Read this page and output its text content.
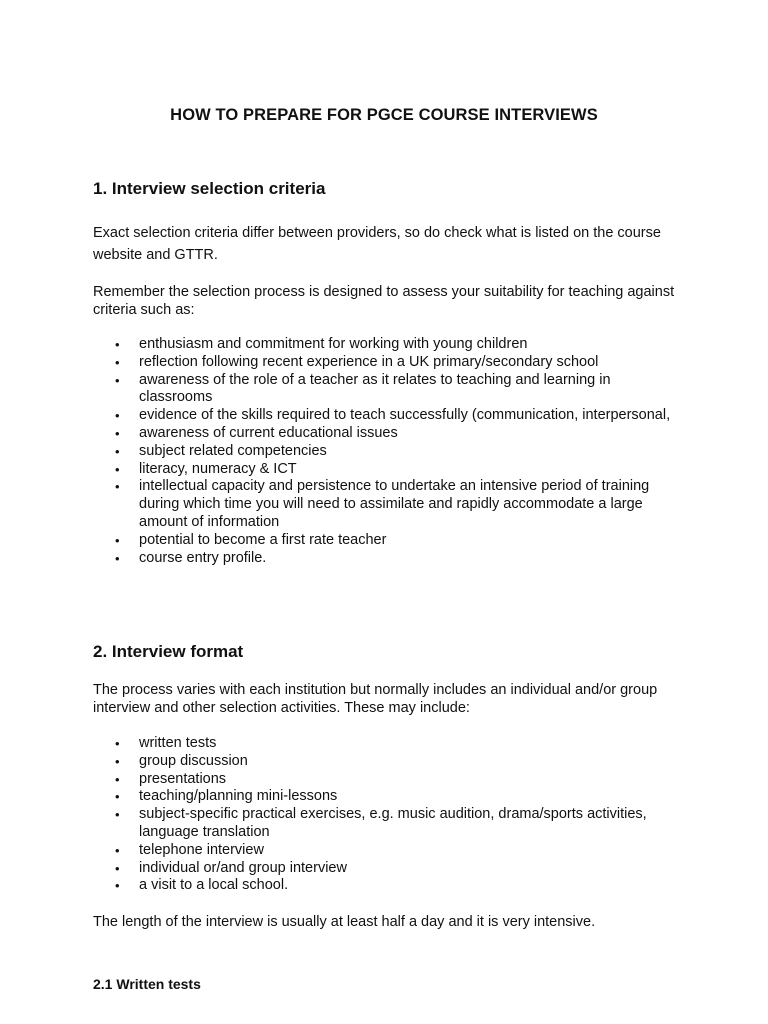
HOW TO PREPARE FOR PGCE COURSE INTERVIEWS
1. Interview selection criteria

Exact selection criteria differ between providers, so do check what is listed on the course website and GTTR.

Remember the selection process is designed to assess your suitability for teaching against criteria such as:

• enthusiasm and commitment for working with young children
• reflection following recent experience in a UK primary/secondary school
• awareness of the role of a teacher as it relates to teaching and learning in classrooms
• evidence of the skills required to teach successfully (communication, interpersonal,
• awareness of current educational issues
• subject related competencies
• literacy, numeracy & ICT
• intellectual capacity and persistence to undertake an intensive period of training during which time you will need to assimilate and rapidly accommodate a large amount of information
• potential to become a first rate teacher
• course entry profile.
2. Interview format

The process varies with each institution but normally includes an individual and/or group interview and other selection activities. These may include:

• written tests
• group discussion
• presentations
• teaching/planning mini-lessons
• subject-specific practical exercises, e.g. music audition, drama/sports activities, language translation
• telephone interview
• individual or/and group interview
• a visit to a local school.

The length of the interview is usually at least half a day and it is very intensive.

2.1 Written tests
